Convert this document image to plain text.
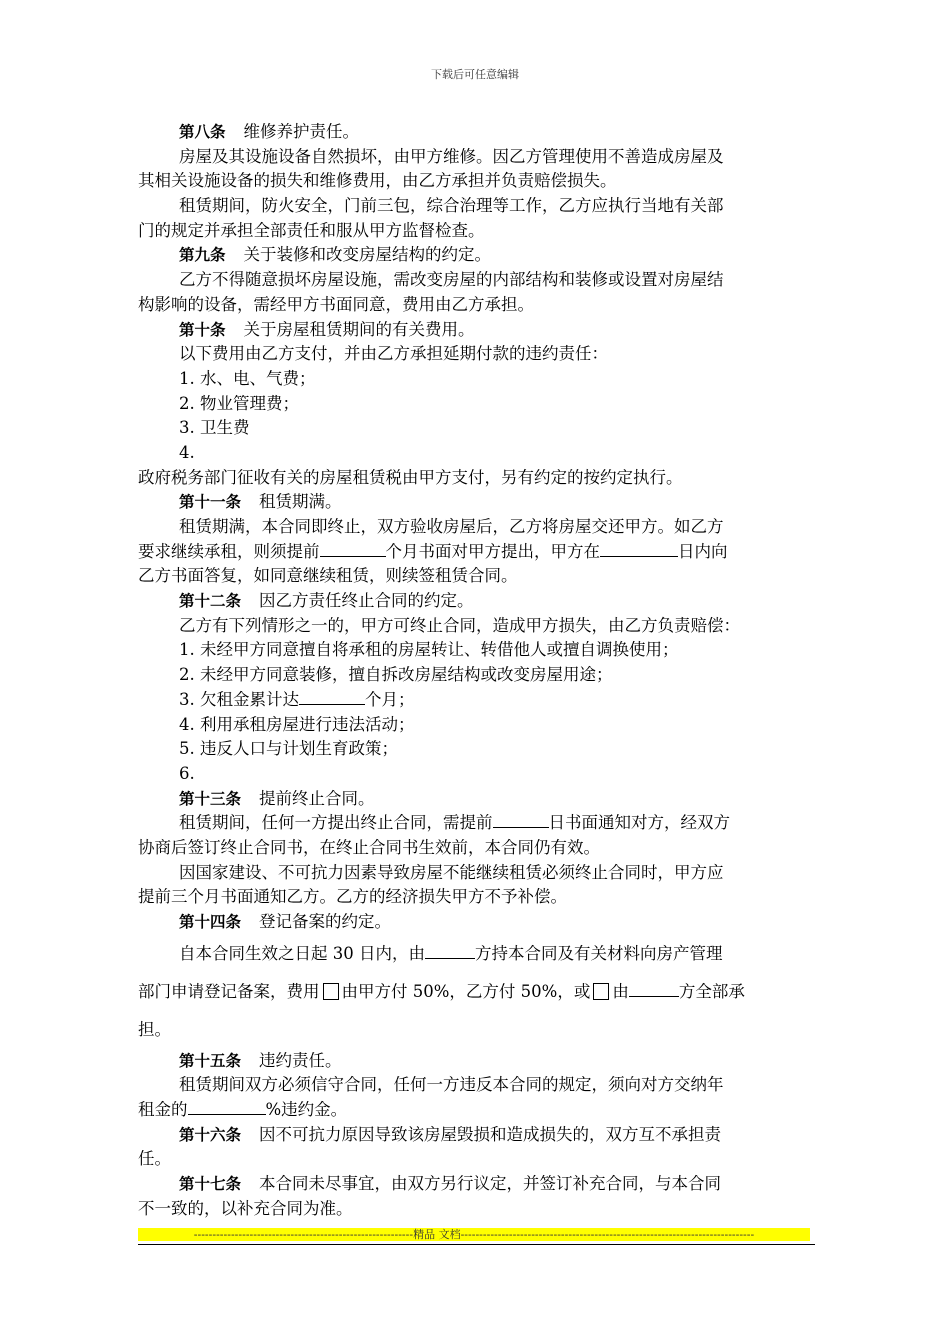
下载后可任意编辑
第八条 维修养护责任。
房屋及其设施设备自然损坏，由甲方维修。因乙方管理使用不善造成房屋及
其相关设施设备的损失和维修费用，由乙方承担并负责赔偿损失。
租赁期间，防火安全，门前三包，综合治理等工作，乙方应执行当地有关部
门的规定并承担全部责任和服从甲方监督检查。
第九条 关于装修和改变房屋结构的约定。
乙方不得随意损坏房屋设施，需改变房屋的内部结构和装修或设置对房屋结
构影响的设备，需经甲方书面同意，费用由乙方承担。
第十条 关于房屋租赁期间的有关费用。
以下费用由乙方支付，并由乙方承担延期付款的违约责任：
1. 水、电、气费；
2. 物业管理费；
3. 卫生费
4.
政府税务部门征收有关的房屋租赁税由甲方支付，另有约定的按约定执行。
第十一条 租赁期满。
租赁期满，本合同即终止，双方验收房屋后，乙方将房屋交还甲方。如乙方
要求继续承租，则须提前	个月书面对甲方提出，甲方在	日内向
乙方书面答复，如同意继续租赁，则续签租赁合同。
第十二条 因乙方责任终止合同的约定。
乙方有下列情形之一的，甲方可终止合同，造成甲方损失，由乙方负责赔偿：
1. 未经甲方同意擅自将承租的房屋转让、转借他人或擅自调换使用；
2. 未经甲方同意装修，擅自拆改房屋结构或改变房屋用途；
3. 欠租金累计达	个月；
4. 利用承租房屋进行违法活动；
5. 违反人口与计划生育政策；
6.
第十三条 提前终止合同。
租赁期间，任何一方提出终止合同，需提前	日书面通知对方，经双方
协商后签订终止合同书，在终止合同书生效前，本合同仍有效。
因国家建设、不可抗力因素导致房屋不能继续租赁必须终止合同时，甲方应
提前三个月书面通知乙方。乙方的经济损失甲方不予补偿。
第十四条 登记备案的约定。
自本合同生效之日起 30 日内，由	方持本合同及有关材料向房产管理
部门申请登记备案，费用 由甲方付 50%，乙方付 50%，或 由	方全部承
担。
第十五条 违约责任。
租赁期间双方必须信守合同，任何一方违反本合同的规定，须向对方交纳年
租金的	%违约金。
第十六条 因不可抗力原因导致该房屋毁损和造成损失的，双方互不承担责
任。
第十七条 本合同未尽事宜，由双方另行议定，并签订补充合同，与本合同
不一致的，以补充合同为准。
-----------------------------------------------------------精品 文档-------------------------------------------------------------------------------
